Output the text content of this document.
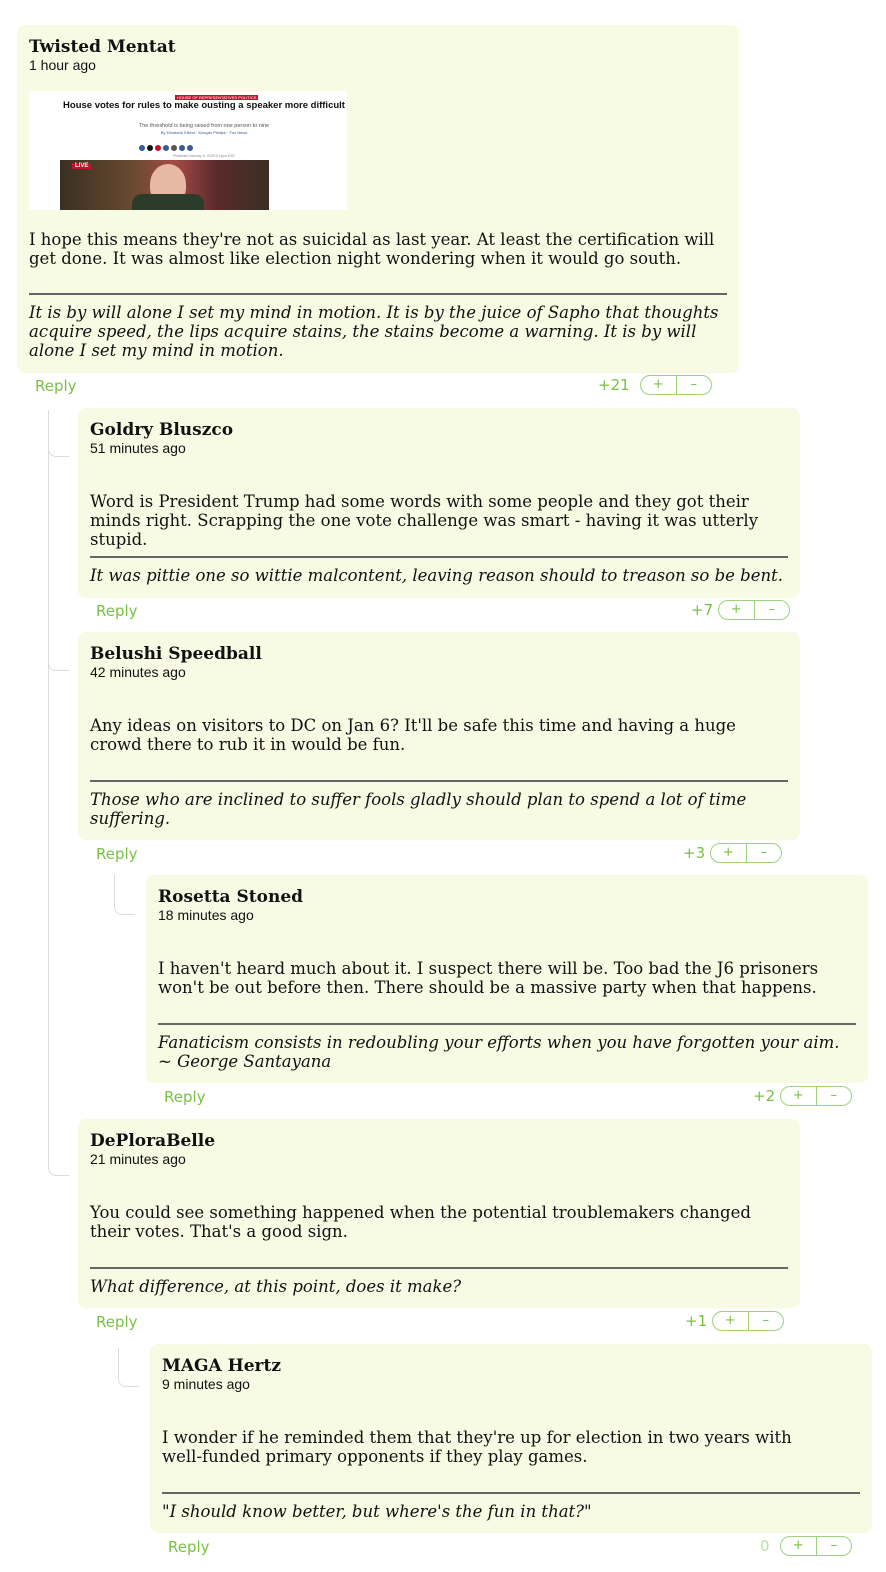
Twisted Mentat
1 hour ago
HOUSE OF REPRESENTATIVES POLITICS
House votes for rules to make ousting a speaker more difficult
The threshold is being raised from one person to nine
By Elizabeth Elkind · Morgan Phillips · Fox News
Published January 6, 2025 6:14pm EST
LIVE
I hope this means they're not as suicidal as last year. At least the certification will get done. It was almost like election night wondering when it would go south.
It is by will alone I set my mind in motion. It is by the juice of Sapho that thoughts acquire speed, the lips acquire stains, the stains become a warning. It is by will alone I set my mind in motion.
Reply	+21	+	–
Goldry Bluszco
51 minutes ago
Word is President Trump had some words with some people and they got their minds right. Scrapping the one vote challenge was smart - having it was utterly stupid.
It was pittie one so wittie malcontent, leaving reason should to treason so be bent.
Reply	+7	+	–
Belushi Speedball
42 minutes ago
Any ideas on visitors to DC on Jan 6? It'll be safe this time and having a huge crowd there to rub it in would be fun.
Those who are inclined to suffer fools gladly should plan to spend a lot of time suffering.
Reply	+3	+	–
Rosetta Stoned
18 minutes ago
I haven't heard much about it. I suspect there will be. Too bad the J6 prisoners won't be out before then. There should be a massive party when that happens.
Fanaticism consists in redoubling your efforts when you have forgotten your aim. ~ George Santayana
Reply	+2	+	–
DePloraBelle
21 minutes ago
You could see something happened when the potential troublemakers changed their votes. That's a good sign.
What difference, at this point, does it make?
Reply	+1	+	–
MAGA Hertz
9 minutes ago
I wonder if he reminded them that they're up for election in two years with well-funded primary opponents if they play games.
"I should know better, but where's the fun in that?"
Reply	0	+	–
